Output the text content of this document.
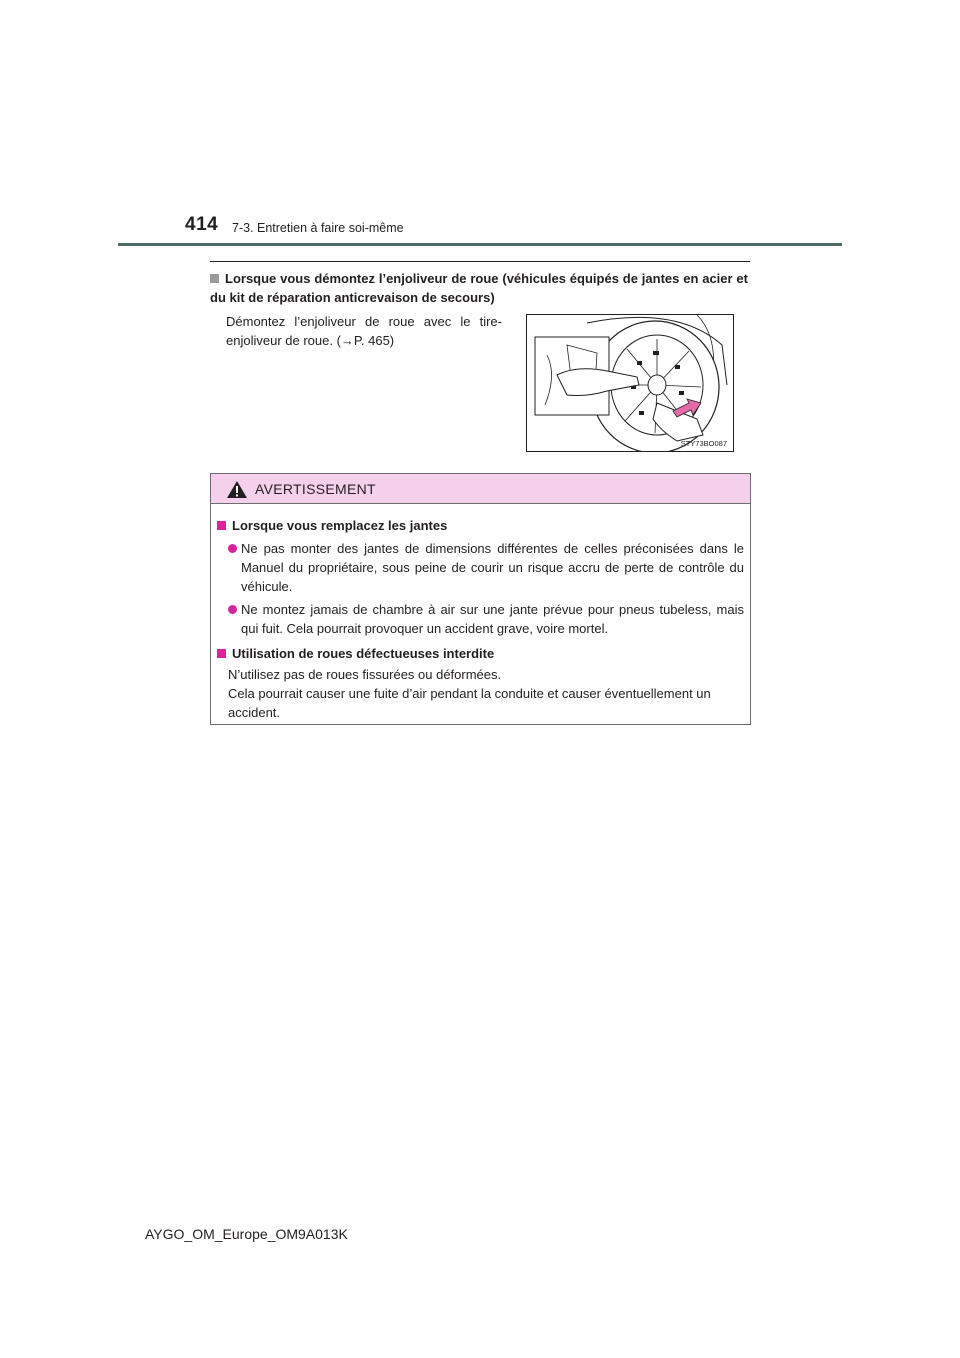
414 7-3. Entretien à faire soi-même
Lorsque vous démontez l’enjoliveur de roue (véhicules équipés de jantes en acier et du kit de réparation anticrevaison de secours)
Démontez l’enjoliveur de roue avec le tire-enjoliveur de roue. (→P. 465)
STY73BO087
AVERTISSEMENT
Lorsque vous remplacez les jantes
Ne pas monter des jantes de dimensions différentes de celles préconisées dans le Manuel du propriétaire, sous peine de courir un risque accru de perte de contrôle du véhicule.
Ne montez jamais de chambre à air sur une jante prévue pour pneus tubeless, mais qui fuit. Cela pourrait provoquer un accident grave, voire mortel.
Utilisation de roues défectueuses interdite
N’utilisez pas de roues fissurées ou déformées.
Cela pourrait causer une fuite d’air pendant la conduite et causer éventuellement un accident.
AYGO_OM_Europe_OM9A013K
